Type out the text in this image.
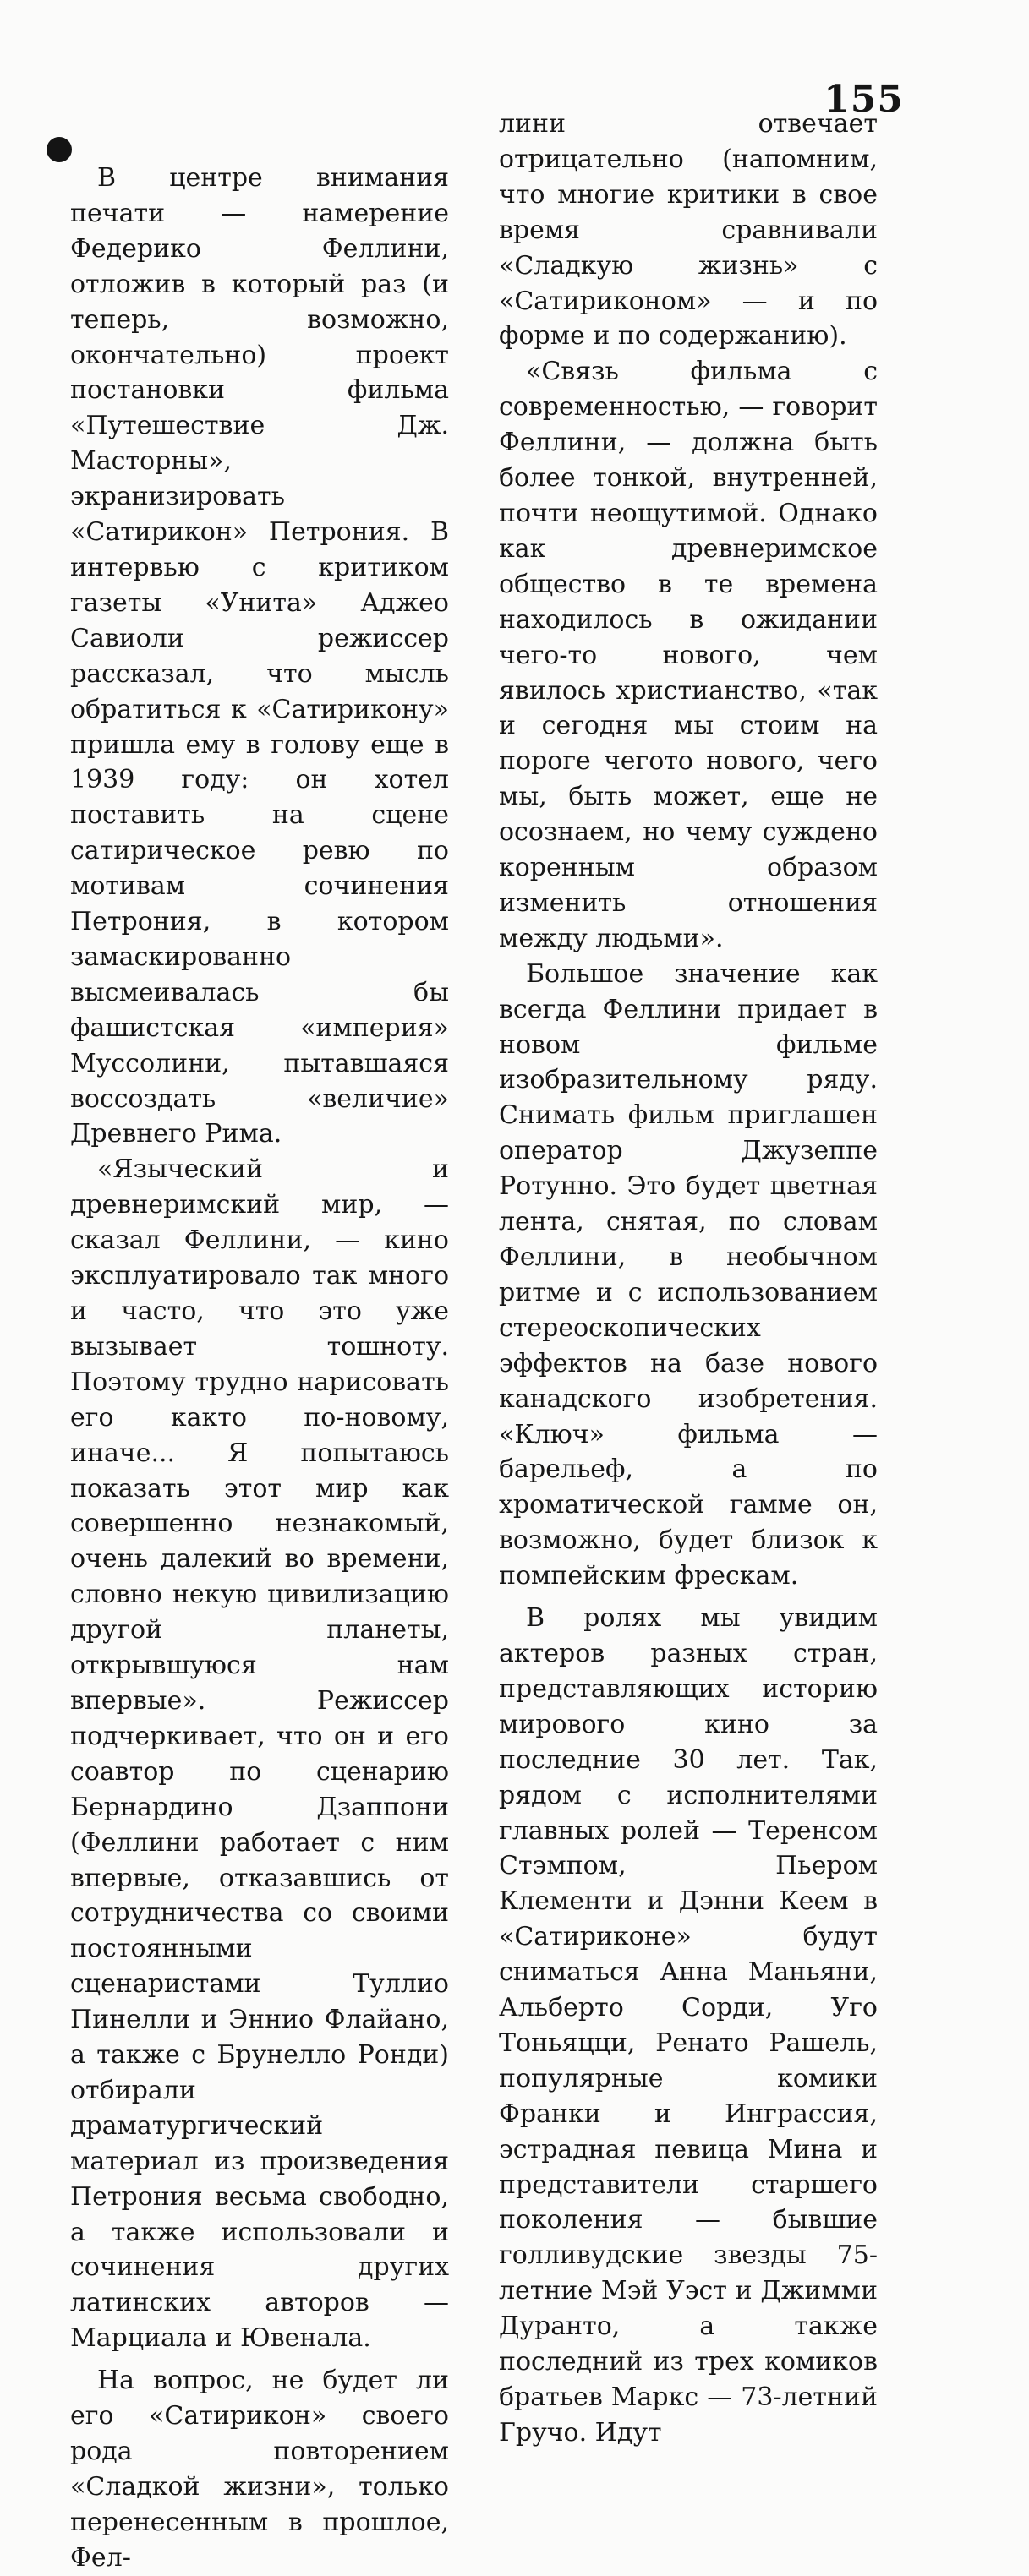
155

В центре внимания печати — намерение Федерико Феллини, отложив в который раз (и теперь, возможно, окончательно) проект постановки фильма «Путешествие Дж. Масторны», экранизировать «Сатирикон» Петрония. В интервью с критиком газеты «Унита» Аджео Савиоли режиссер рассказал, что мысль обратиться к «Сатирикону» пришла ему в голову еще в 1939 году: он хотел поставить на сцене сатирическое ревю по мотивам сочинения Петрония, в котором замаскированно высмеивалась бы фашистская «империя» Муссолини, пытавшаяся воссоздать «величие» Древнего Рима.

«Языческий и древнеримский мир, — сказал Феллини, — кино эксплуатировало так много и часто, что это уже вызывает тошноту. Поэтому трудно нарисовать его както по-новому, иначе... Я попытаюсь показать этот мир как совершенно незнакомый, очень далекий во времени, словно некую цивилизацию другой планеты, открывшуюся нам впервые». Режиссер подчеркивает, что он и его соавтор по сценарию Бернардино Дзаппони (Феллини работает с ним впервые, отказавшись от сотрудничества со своими постоянными сценаристами Туллио Пинелли и Эннио Флайано, а также с Брунелло Ронди) отбирали драматургический материал из произведения Петрония весьма свободно, а также использовали и сочинения других латинских авторов — Марциала и Ювенала.

На вопрос, не будет ли его «Сатирикон» своего рода повторением «Сладкой жизни», только перенесенным в прошлое, Фел-

лини отвечает отрицательно (напомним, что многие критики в свое время сравнивали «Сладкую жизнь» с «Сатириконом» — и по форме и по содержанию).

«Связь фильма с современностью, — говорит Феллини, — должна быть более тонкой, внутренней, почти неощутимой. Однако как древнеримское общество в те времена находилось в ожидании чего-то нового, чем явилось христианство, «так и сегодня мы стоим на пороге чегото нового, чего мы, быть может, еще не осознаем, но чему суждено коренным образом изменить отношения между людьми».

Большое значение как всегда Феллини придает в новом фильме изобразительному ряду. Снимать фильм приглашен оператор Джузеппе Ротунно. Это будет цветная лента, снятая, по словам Феллини, в необычном ритме и с использованием стереоскопических эффектов на базе нового канадского изобретения. «Ключ» фильма — барельеф, а по хроматической гамме он, возможно, будет близок к помпейским фрескам.

В ролях мы увидим актеров разных стран, представляющих историю мирового кино за последние 30 лет. Так, рядом с исполнителями главных ролей — Теренсом Стэмпом, Пьером Клементи и Дэнни Кеем в «Сатириконе» будут сниматься Анна Маньяни, Альберто Сорди, Уго Тоньяцци, Ренато Рашель, популярные комики Франки и Инграссия, эстрадная певица Мина и представители старшего поколения — бывшие голливудские звезды 75-летние Мэй Уэст и Джимми Дуранто, а также последний из трех комиков братьев Маркс — 73-летний Гручо. Идут
